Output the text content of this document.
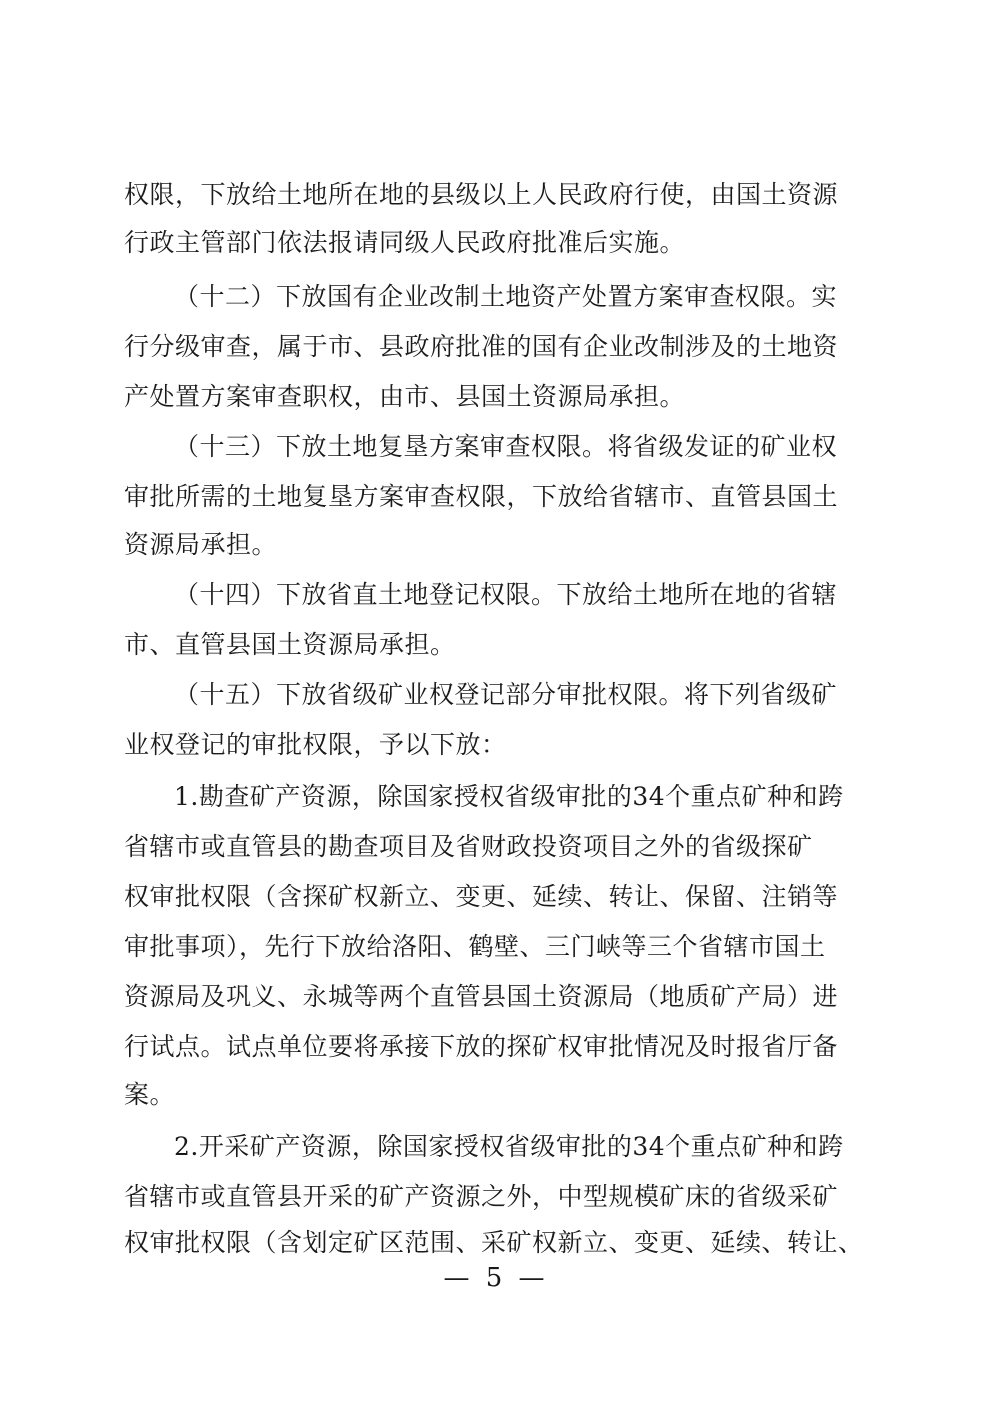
权限，下放给土地所在地的县级以上人民政府行使，由国土资源
行政主管部门依法报请同级人民政府批准后实施。
（十二）下放国有企业改制土地资产处置方案审查权限。实
行分级审查，属于市、县政府批准的国有企业改制涉及的土地资
产处置方案审查职权，由市、县国土资源局承担。
（十三）下放土地复垦方案审查权限。将省级发证的矿业权
审批所需的土地复垦方案审查权限，下放给省辖市、直管县国土
资源局承担。
（十四）下放省直土地登记权限。下放给土地所在地的省辖
市、直管县国土资源局承担。
（十五）下放省级矿业权登记部分审批权限。将下列省级矿
业权登记的审批权限，予以下放：
1.勘查矿产资源，除国家授权省级审批的34个重点矿种和跨
省辖市或直管县的勘查项目及省财政投资项目之外的省级探矿
权审批权限（含探矿权新立、变更、延续、转让、保留、注销等
审批事项），先行下放给洛阳、鹤壁、三门峡等三个省辖市国土
资源局及巩义、永城等两个直管县国土资源局（地质矿产局）进
行试点。试点单位要将承接下放的探矿权审批情况及时报省厅备
案。
2.开采矿产资源，除国家授权省级审批的34个重点矿种和跨
省辖市或直管县开采的矿产资源之外，中型规模矿床的省级采矿
权审批权限（含划定矿区范围、采矿权新立、变更、延续、转让、
— 5 —
